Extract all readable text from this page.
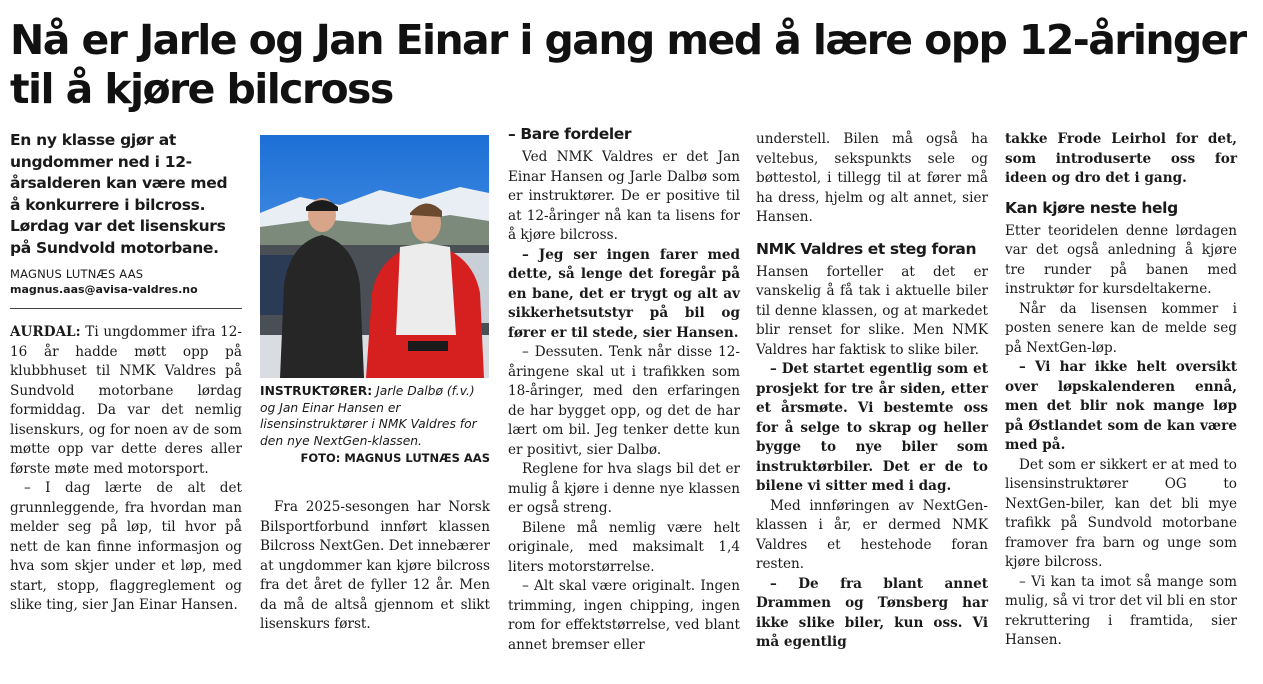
Nå er Jarle og Jan Einar i gang med å lære opp 12-åringer til å kjøre bilcross

En ny klasse gjør at ungdommer ned i 12-årsalderen kan være med å konkurrere i bilcross. Lørdag var det lisenskurs på Sundvold motorbane.

MAGNUS LUTNÆS AAS

magnus.aas@avisa-valdres.no

AURDAL: Ti ungdommer ifra 12-16 år hadde møtt opp på klubbhuset til NMK Valdres på Sundvold motorbane lørdag formiddag. Da var det nemlig lisenskurs, og for noen av de som møtte opp var dette deres aller første møte med motorsport.

– I dag lærte de alt det grunnleggende, fra hvordan man melder seg på løp, til hvor på nett de kan finne informasjon og hva som skjer under et løp, med start, stopp, flaggreglement og slike ting, sier Jan Einar Hansen.

INSTRUKTØRER: Jarle Dalbø (f.v.) og Jan Einar Hansen er lisensinstruktører i NMK Valdres for den nye NextGen-klassen.
FOTO: MAGNUS LUTNÆS AAS

Fra 2025-sesongen har Norsk Bilsportforbund innført klassen Bilcross NextGen. Det innebærer at ungdommer kan kjøre bilcross fra det året de fyller 12 år. Men da må de altså gjennom et slikt lisenskurs først.

– Bare fordeler

Ved NMK Valdres er det Jan Einar Hansen og Jarle Dalbø som er instruktører. De er positive til at 12-åringer nå kan ta lisens for å kjøre bilcross.

– Jeg ser ingen farer med dette, så lenge det foregår på en bane, det er trygt og alt av sikkerhetsutstyr på bil og fører er til stede, sier Hansen.

– Dessuten. Tenk når disse 12-åringene skal ut i trafikken som 18-åringer, med den erfaringen de har bygget opp, og det de har lært om bil. Jeg tenker dette kun er positivt, sier Dalbø.

Reglene for hva slags bil det er mulig å kjøre i denne nye klassen er også streng.

Bilene må nemlig være helt originale, med maksimalt 1,4 liters motorstørrelse.

– Alt skal være originalt. Ingen trimming, ingen chipping, ingen rom for effektstørrelse, ved blant annet bremser eller

understell. Bilen må også ha veltebus, sekspunkts sele og bøttestol, i tillegg til at fører må ha dress, hjelm og alt annet, sier Hansen.

NMK Valdres et steg foran

Hansen forteller at det er vanskelig å få tak i aktuelle biler til denne klassen, og at markedet blir renset for slike. Men NMK Valdres har faktisk to slike biler.

– Det startet egentlig som et prosjekt for tre år siden, etter et årsmøte. Vi bestemte oss for å selge to skrap og heller bygge to nye biler som instruktørbiler. Det er de to bilene vi sitter med i dag.

Med innføringen av NextGen-klassen i år, er dermed NMK Valdres et hestehode foran resten.

– De fra blant annet Drammen og Tønsberg har ikke slike biler, kun oss. Vi må egentlig

takke Frode Leirhol for det, som introduserte oss for ideen og dro det i gang.

Kan kjøre neste helg

Etter teoridelen denne lørdagen var det også anledning å kjøre tre runder på banen med instruktør for kursdeltakerne.

Når da lisensen kommer i posten senere kan de melde seg på NextGen-løp.

– Vi har ikke helt oversikt over løpskalenderen ennå, men det blir nok mange løp på Østlandet som de kan være med på.

Det som er sikkert er at med to lisensinstruktører OG to NextGen-biler, kan det bli mye trafikk på Sundvold motorbane framover fra barn og unge som kjøre bilcross.

– Vi kan ta imot så mange som mulig, så vi tror det vil bli en stor rekruttering i framtida, sier Hansen.
